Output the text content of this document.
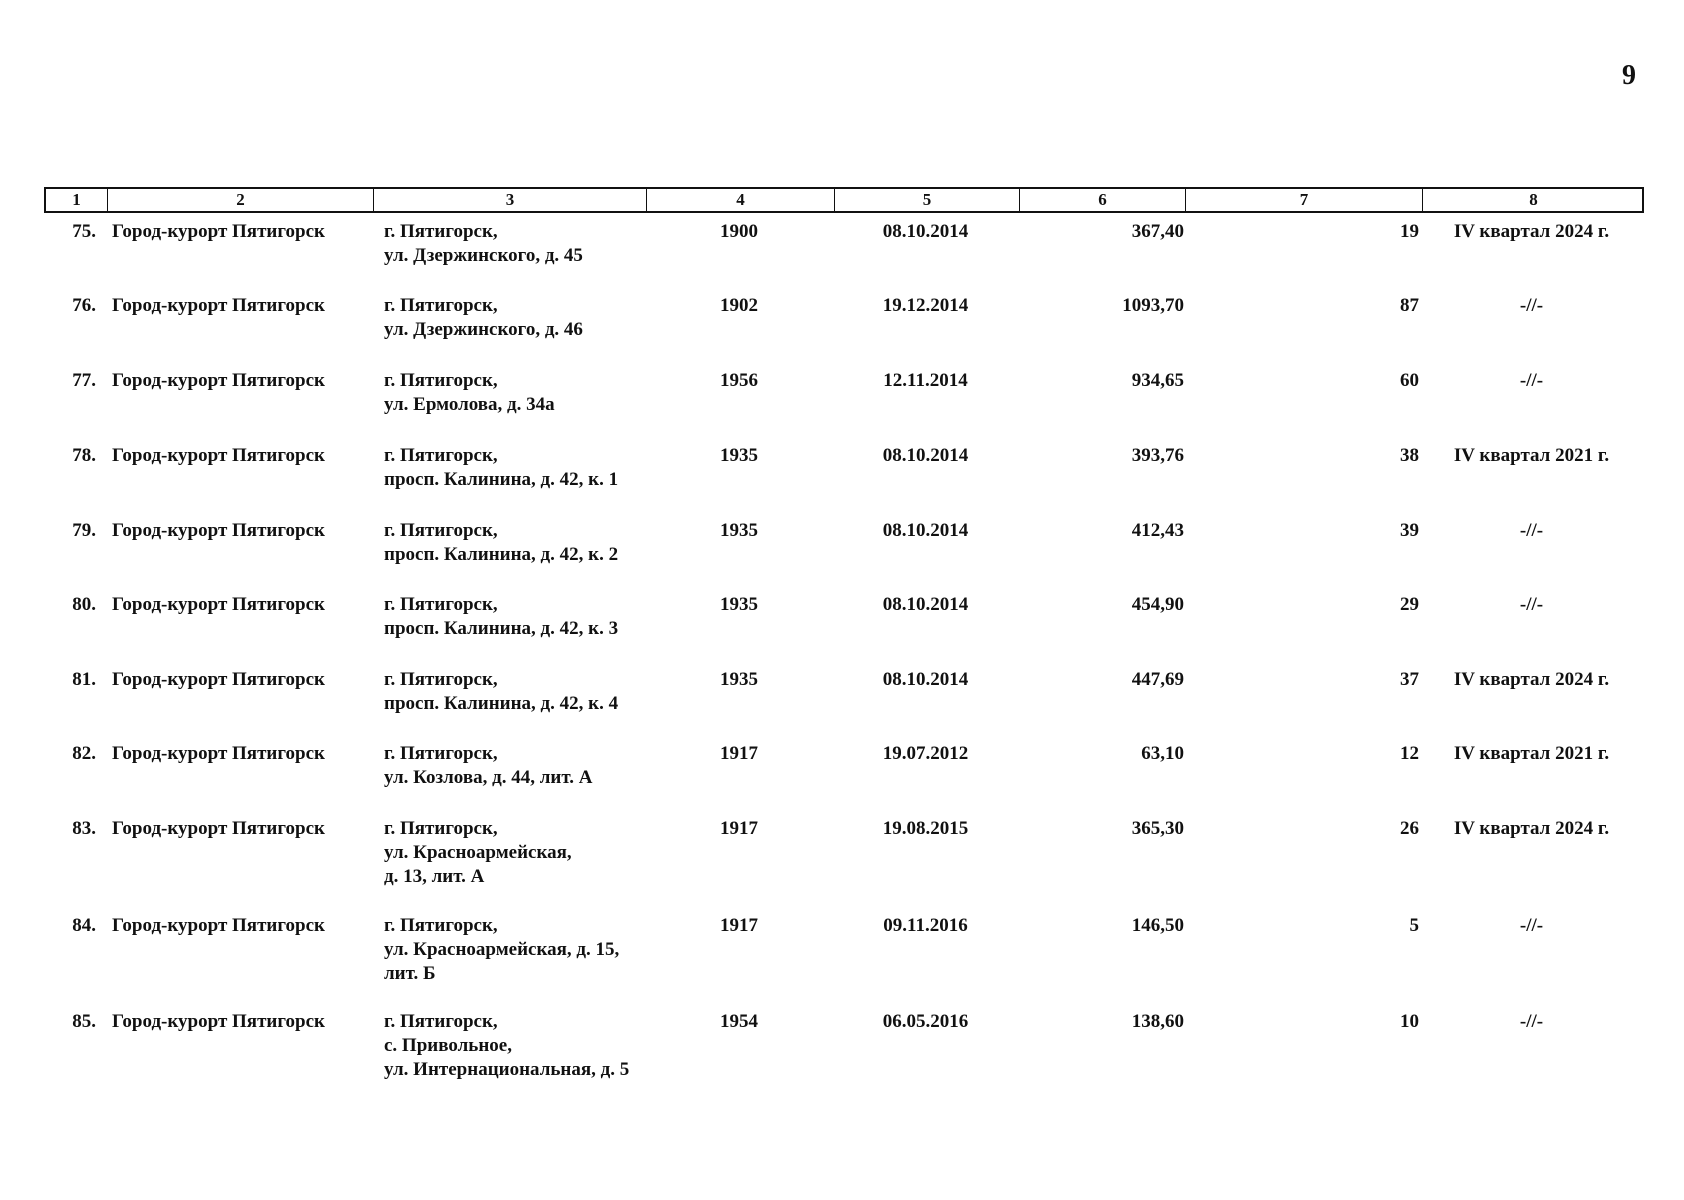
9
1	2	3	4	5	6	7	8
75. Город-курорт Пятигорск	г. Пятигорск,
ул. Дзержинского, д. 45
1900	08.10.2014	367,40	19	IV квартал 2024 г.
76. Город-курорт Пятигорск	г. Пятигорск,
ул. Дзержинского, д. 46
1902	19.12.2014	1093,70	87	-//-
77. Город-курорт Пятигорск	г. Пятигорск,
ул. Ермолова, д. 34а
1956	12.11.2014	934,65	60	-//-
78. Город-курорт Пятигорск	г. Пятигорск,
просп. Калинина, д. 42, к. 1
1935	08.10.2014	393,76	38	IV квартал 2021 г.
79. Город-курорт Пятигорск	г. Пятигорск,
просп. Калинина, д. 42, к. 2
1935	08.10.2014	412,43	39	-//-
80. Город-курорт Пятигорск	г. Пятигорск,
просп. Калинина, д. 42, к. 3
1935	08.10.2014	454,90	29	-//-
81. Город-курорт Пятигорск	г. Пятигорск,
просп. Калинина, д. 42, к. 4
1935	08.10.2014	447,69	37	IV квартал 2024 г.
82. Город-курорт Пятигорск	г. Пятигорск,
ул. Козлова, д. 44, лит. А
1917	19.07.2012	63,10	12	IV квартал 2021 г.
83. Город-курорт Пятигорск	г. Пятигорск,
ул. Красноармейская,
д. 13, лит. А
1917	19.08.2015	365,30	26	IV квартал 2024 г.
84. Город-курорт Пятигорск	г. Пятигорск,
ул. Красноармейская, д. 15,
лит. Б
1917	09.11.2016	146,50	5	-//-
85. Город-курорт Пятигорск	г. Пятигорск,
с. Привольное,
ул. Интернациональная, д. 5
1954	06.05.2016	138,60	10	-//-
